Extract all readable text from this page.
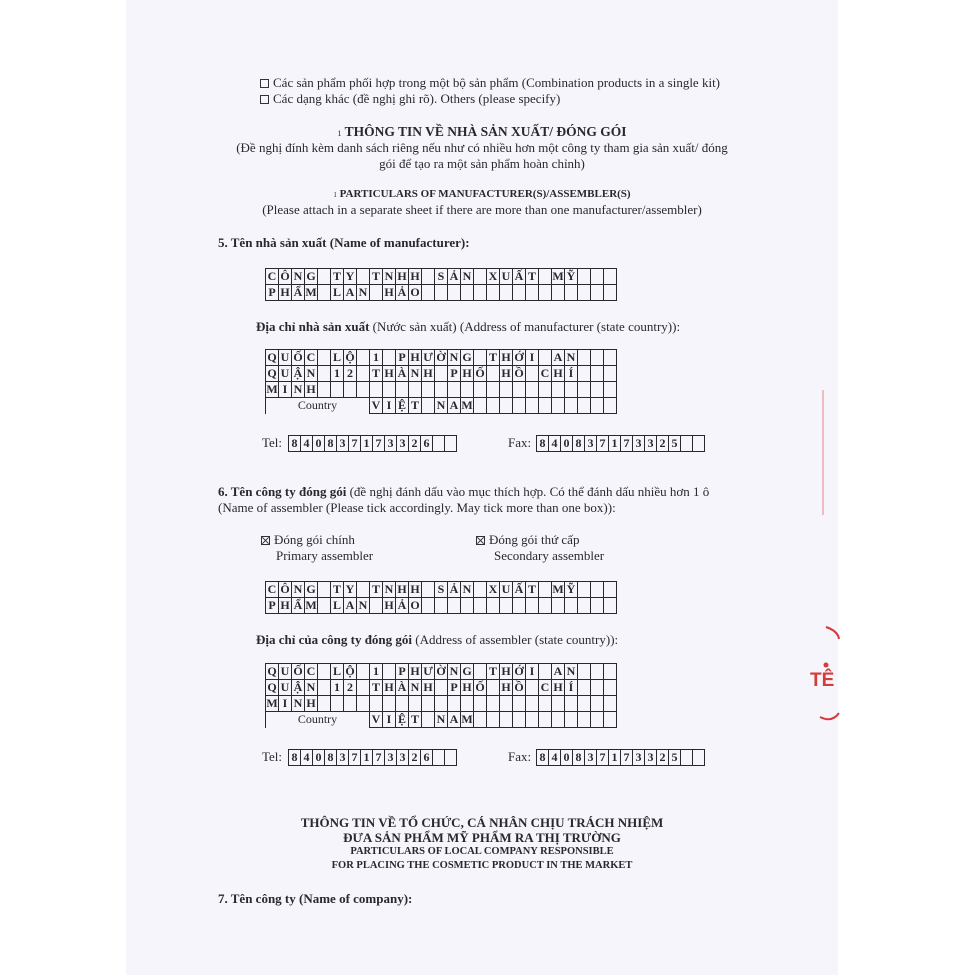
Các sản phẩm phối hợp trong một bộ sản phẩm (Combination products in a single kit)
Các dạng khác (đề nghị ghi rõ). Others (please specify)
1 THÔNG TIN VỀ NHÀ SẢN XUẤT/ ĐÓNG GÓI
(Đề nghị đính kèm danh sách riêng nếu như có nhiều hơn một công ty tham gia sản xuất/ đóng
gói để tạo ra một sản phẩm hoàn chỉnh)
1 PARTICULARS OF MANUFACTURER(S)/ASSEMBLER(S)
(Please attach in a separate sheet if there are more than one manufacturer/assembler)
5. Tên nhà sản xuất (Name of manufacturer):
C	Ô	N	G		T	Y		T	N	H	H		S	Ả	N		X	U	Ấ	T		M	Ỹ			
P	H	Ẩ	M		L	A	N		H	Ả	O															
Địa chỉ nhà sản xuất (Nước sản xuất) (Address of manufacturer (state country)):
Q	U	Ố	C		L	Ộ		1		P	H	Ư	Ờ	N	G		T	H	Ớ	I		A	N			
Q	U	Ậ	N		1	2		T	H	À	N	H		P	H	Ố		H	Ồ		C	H	Í			
M	I	N	H																							
Country								V	I	Ệ	T		N	A	M											
Tel: 8	4	0	8	3	7	1	7	3	3	2	6			Fax: 8	4	0	8	3	7	1	7	3	3	2	5		
6. Tên công ty đóng gói (đề nghị đánh dấu vào mục thích hợp. Có thể đánh dấu nhiều hơn 1 ô
(Name of assembler (Please tick accordingly. May tick more than one box)):
Đóng gói chính
Primary assembler
Đóng gói thứ cấp
Secondary assembler
C	Ô	N	G		T	Y		T	N	H	H		S	Ả	N		X	U	Ấ	T		M	Ỹ			
P	H	Ẩ	M		L	A	N		H	Ả	O															
Địa chỉ của công ty đóng gói (Address of assembler (state country)):
Q	U	Ố	C		L	Ộ		1		P	H	Ư	Ờ	N	G		T	H	Ớ	I		A	N			
Q	U	Ậ	N		1	2		T	H	À	N	H		P	H	Ố		H	Ồ		C	H	Í			
M	I	N	H																							
Country								V	I	Ệ	T		N	A	M											
Tel: 8	4	0	8	3	7	1	7	3	3	2	6			Fax: 8	4	0	8	3	7	1	7	3	3	2	5		
THÔNG TIN VỀ TỔ CHỨC, CÁ NHÂN CHỊU TRÁCH NHIỆM
ĐƯA SẢN PHẨM MỸ PHẨM RA THỊ TRƯỜNG
PARTICULARS OF LOCAL COMPANY RESPONSIBLE
FOR PLACING THE COSMETIC PRODUCT IN THE MARKET
7. Tên công ty (Name of company):
TÊ
